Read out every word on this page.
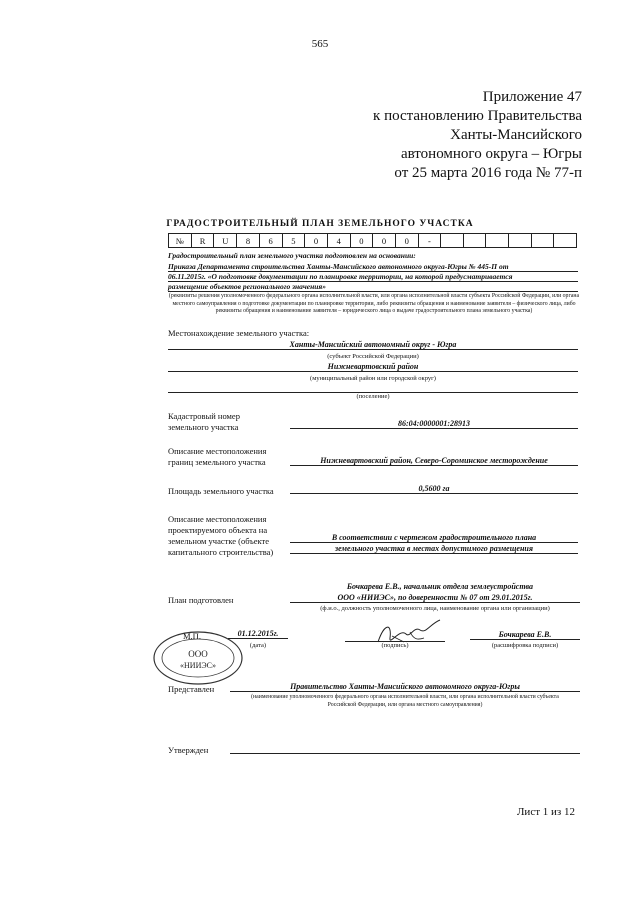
565
Приложение 47
к постановлению Правительства
Ханты-Мансийского
автономного округа – Югры
от 25 марта 2016 года № 77-п
ГРАДОСТРОИТЕЛЬНЫЙ ПЛАН ЗЕМЕЛЬНОГО УЧАСТКА
№	R	U	8	6	5	0	4	0	0	0	-						
Градостроительный план земельного участка подготовлен на основании:
Приказа Департамента строительства Ханты-Мансийского автономного округа-Югры № 445-П от
06.11.2015г. «О подготовке документации по планировке территории, на которой предусматривается
размещение объектов регионального значения»
(реквизиты решения уполномоченного федерального органа исполнительной власти, или органа исполнительной власти субъекта Российской Федерации, или органа местного самоуправления о подготовке документации по планировке территории, либо реквизиты обращения и наименование заявителя – физического лица, либо реквизиты обращения и наименование заявителя – юридического лица о выдаче градостроительного плана земельного участка)
Местонахождение земельного участка:
Ханты-Мансийский автономный округ - Югра
(субъект Российской Федерации)
Нижневартовский район
(муниципальный район или городской округ)
(поселение)
Кадастровый номер
земельного участка	86:04:0000001:28913
Описание местоположения
границ земельного участка	Нижневартовский район, Северо-Сороминское месторождение
Площадь земельного участка	0,5600 га
Описание местоположения
проектируемого объекта на
земельном участке (объекте
капитального строительства)
В соответствии с чертежом градостроительного плана
земельного участка в местах допустимого размещения
Бочкарева Е.В., начальник отдела землеустройства
План подготовлен	ООО «НИИЭС», по доверенности № 07 от 29.01.2015г.
(ф.и.о., должность уполномоченного лица, наименование органа или организации)
М.П.	01.12.2015г.
(дата)	(подпись)
Бочкарева Е.В.
(расшифровка подписи)
ООО
«НИИЭС»
Представлен	Правительство Ханты-Мансийского автономного округа-Югры
(наименование уполномоченного федерального органа исполнительной власти, или органа исполнительной власти субъекта
Российской Федерации, или органа местного самоуправления)
Утвержден
Лист 1 из 12
